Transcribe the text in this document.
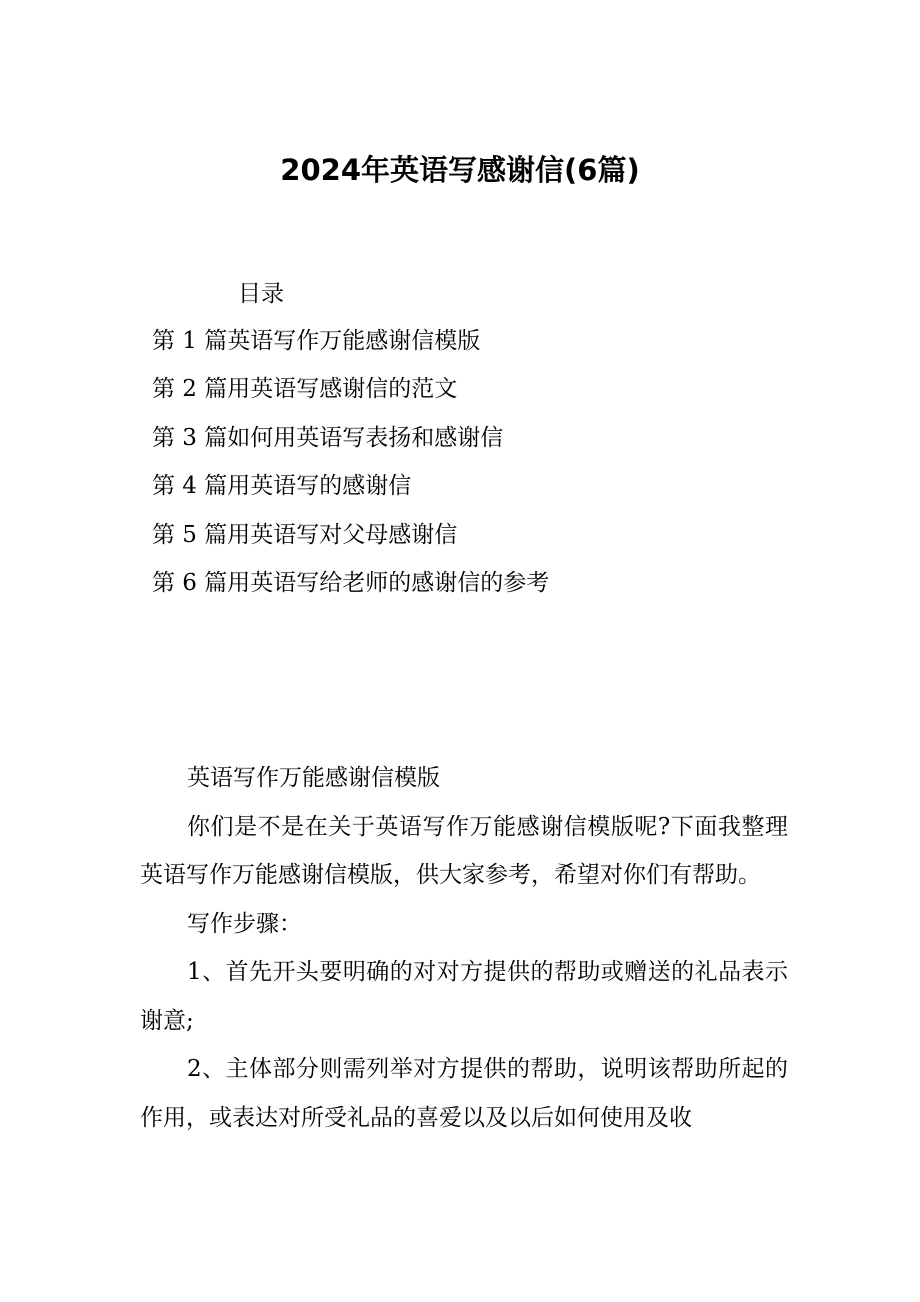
2024年英语写感谢信(6篇)
目录
第 1 篇英语写作万能感谢信模版
第 2 篇用英语写感谢信的范文
第 3 篇如何用英语写表扬和感谢信
第 4 篇用英语写的感谢信
第 5 篇用英语写对父母感谢信
第 6 篇用英语写给老师的感谢信的参考

英语写作万能感谢信模版

你们是不是在关于英语写作万能感谢信模版呢?下面我整理英语写作万能感谢信模版，供大家参考，希望对你们有帮助。

写作步骤：

1、首先开头要明确的对对方提供的帮助或赠送的礼品表示谢意;

2、主体部分则需列举对方提供的帮助，说明该帮助所起的作用，或表达对所受礼品的喜爱以及以后如何使用及收
